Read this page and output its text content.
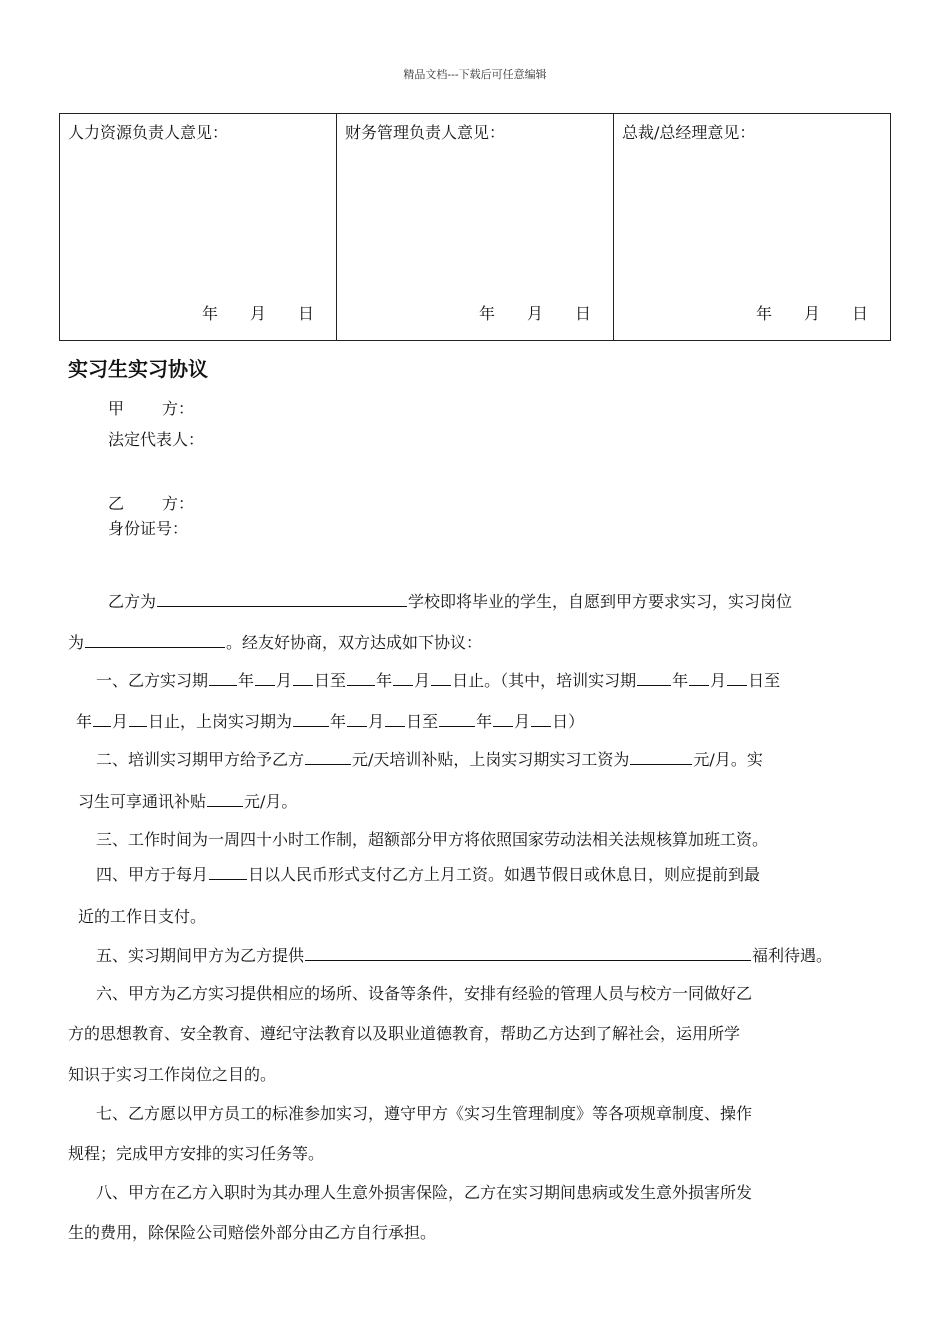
精品文档---下载后可任意编辑
人力资源负责人意见：
年 月 日

财务管理负责人意见：
年 月 日

总裁/总经理意见：
年 月 日
实习生实习协议
甲 方：
法定代表人：
乙 方：
身份证号：
乙方为	学校即将毕业的学生，自愿到甲方要求实习，实习岗位
为	。经友好协商，双方达成如下协议：
一、乙方实习期 年 月 日至 年 月 日止。（其中，培训实习期 年 月 日至
年 月 日止，上岗实习期为 年 月 日至 年 月 日）
二、培训实习期甲方给予乙方	元/天培训补贴，上岗实习期实习工资为	元/月。实
习生可享通讯补贴 元/月。
三、工作时间为一周四十小时工作制，超额部分甲方将依照国家劳动法相关法规核算加班工资。
四、甲方于每月	日以人民币形式支付乙方上月工资。如遇节假日或休息日，则应提前到最
近的工作日支付。
五、实习期间甲方为乙方提供	福利待遇。
六、甲方为乙方实习提供相应的场所、设备等条件，安排有经验的管理人员与校方一同做好乙
方的思想教育、安全教育、遵纪守法教育以及职业道德教育，帮助乙方达到了解社会，运用所学
知识于实习工作岗位之目的。
七、乙方愿以甲方员工的标准参加实习，遵守甲方《实习生管理制度》等各项规章制度、操作
规程；完成甲方安排的实习任务等。
八、甲方在乙方入职时为其办理人生意外损害保险，乙方在实习期间患病或发生意外损害所发
生的费用，除保险公司赔偿外部分由乙方自行承担。
